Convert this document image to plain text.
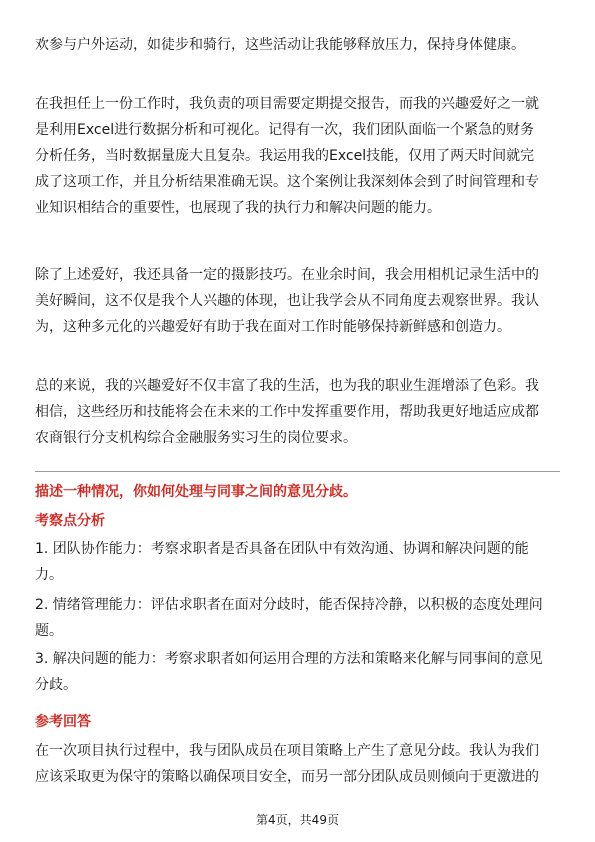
欢参与户外运动，如徒步和骑行，这些活动让我能够释放压力，保持身体健康。

在我担任上一份工作时，我负责的项目需要定期提交报告，而我的兴趣爱好之一就
是利用Excel进行数据分析和可视化。记得有一次，我们团队面临一个紧急的财务
分析任务，当时数据量庞大且复杂。我运用我的Excel技能，仅用了两天时间就完
成了这项工作，并且分析结果准确无误。这个案例让我深刻体会到了时间管理和专
业知识相结合的重要性，也展现了我的执行力和解决问题的能力。

除了上述爱好，我还具备一定的摄影技巧。在业余时间，我会用相机记录生活中的
美好瞬间，这不仅是我个人兴趣的体现，也让我学会从不同角度去观察世界。我认
为，这种多元化的兴趣爱好有助于我在面对工作时能够保持新鲜感和创造力。

总的来说，我的兴趣爱好不仅丰富了我的生活，也为我的职业生涯增添了色彩。我
相信，这些经历和技能将会在未来的工作中发挥重要作用，帮助我更好地适应成都
农商银行分支机构综合金融服务实习生的岗位要求。

描述一种情况，你如何处理与同事之间的意见分歧。
考察点分析
1. 团队协作能力：考察求职者是否具备在团队中有效沟通、协调和解决问题的能
力。
2. 情绪管理能力：评估求职者在面对分歧时，能否保持冷静，以积极的态度处理问
题。
3. 解决问题的能力：考察求职者如何运用合理的方法和策略来化解与同事间的意见
分歧。
参考回答

在一次项目执行过程中，我与团队成员在项目策略上产生了意见分歧。我认为我们
应该采取更为保守的策略以确保项目安全，而另一部分团队成员则倾向于更激进的

第4页，共49页
